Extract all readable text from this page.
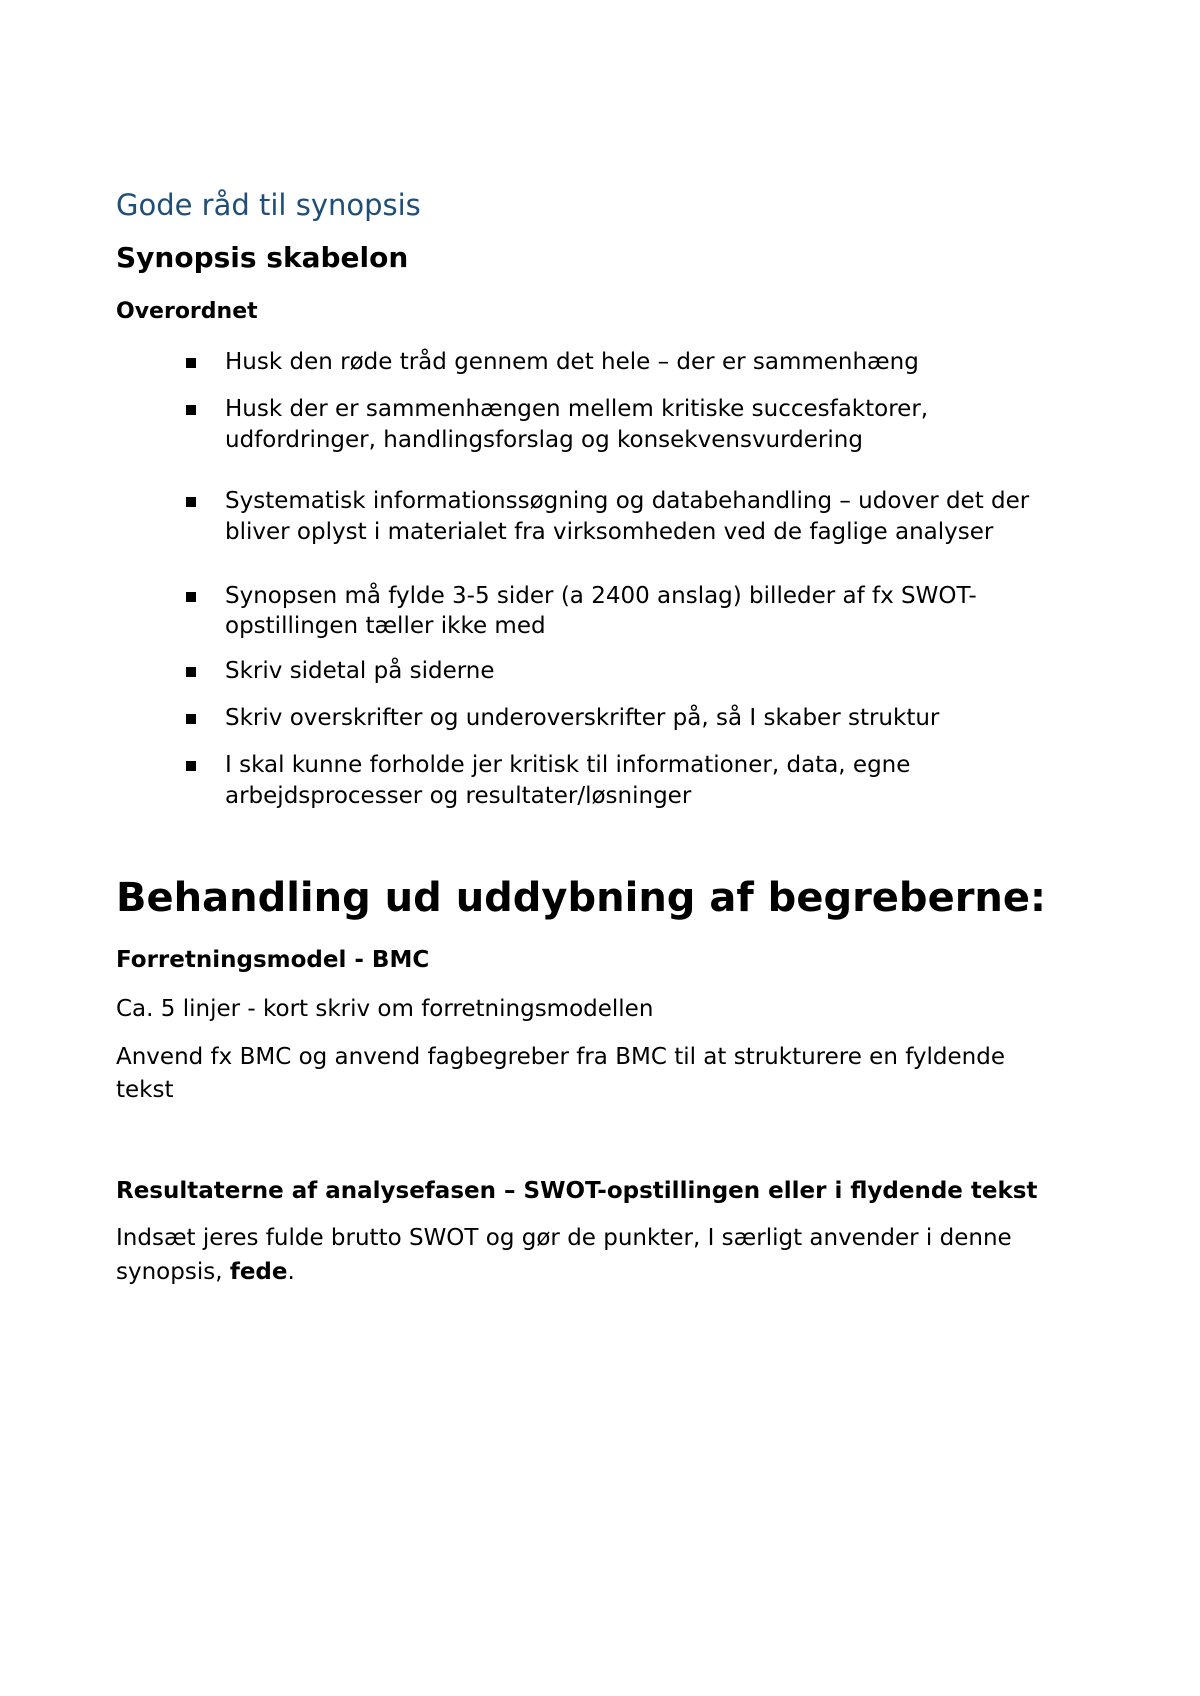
Gode råd til synopsis
Synopsis skabelon
Overordnet
Husk den røde tråd gennem det hele – der er sammenhæng
Husk der er sammenhængen mellem kritiske succesfaktorer,
udfordringer, handlingsforslag og konsekvensvurdering
Systematisk informationssøgning og databehandling – udover det der
bliver oplyst i materialet fra virksomheden ved de faglige analyser
Synopsen må fylde 3-5 sider (a 2400 anslag) billeder af fx SWOT-
opstillingen tæller ikke med
Skriv sidetal på siderne
Skriv overskrifter og underoverskrifter på, så I skaber struktur
I skal kunne forholde jer kritisk til informationer, data, egne
arbejdsprocesser og resultater/løsninger
Behandling ud uddybning af begreberne:
Forretningsmodel - BMC
Ca. 5 linjer - kort skriv om forretningsmodellen
Anvend fx BMC og anvend fagbegreber fra BMC til at strukturere en fyldende
tekst
Resultaterne af analysefasen – SWOT-opstillingen eller i flydende tekst
Indsæt jeres fulde brutto SWOT og gør de punkter, I særligt anvender i denne
synopsis, fede.
